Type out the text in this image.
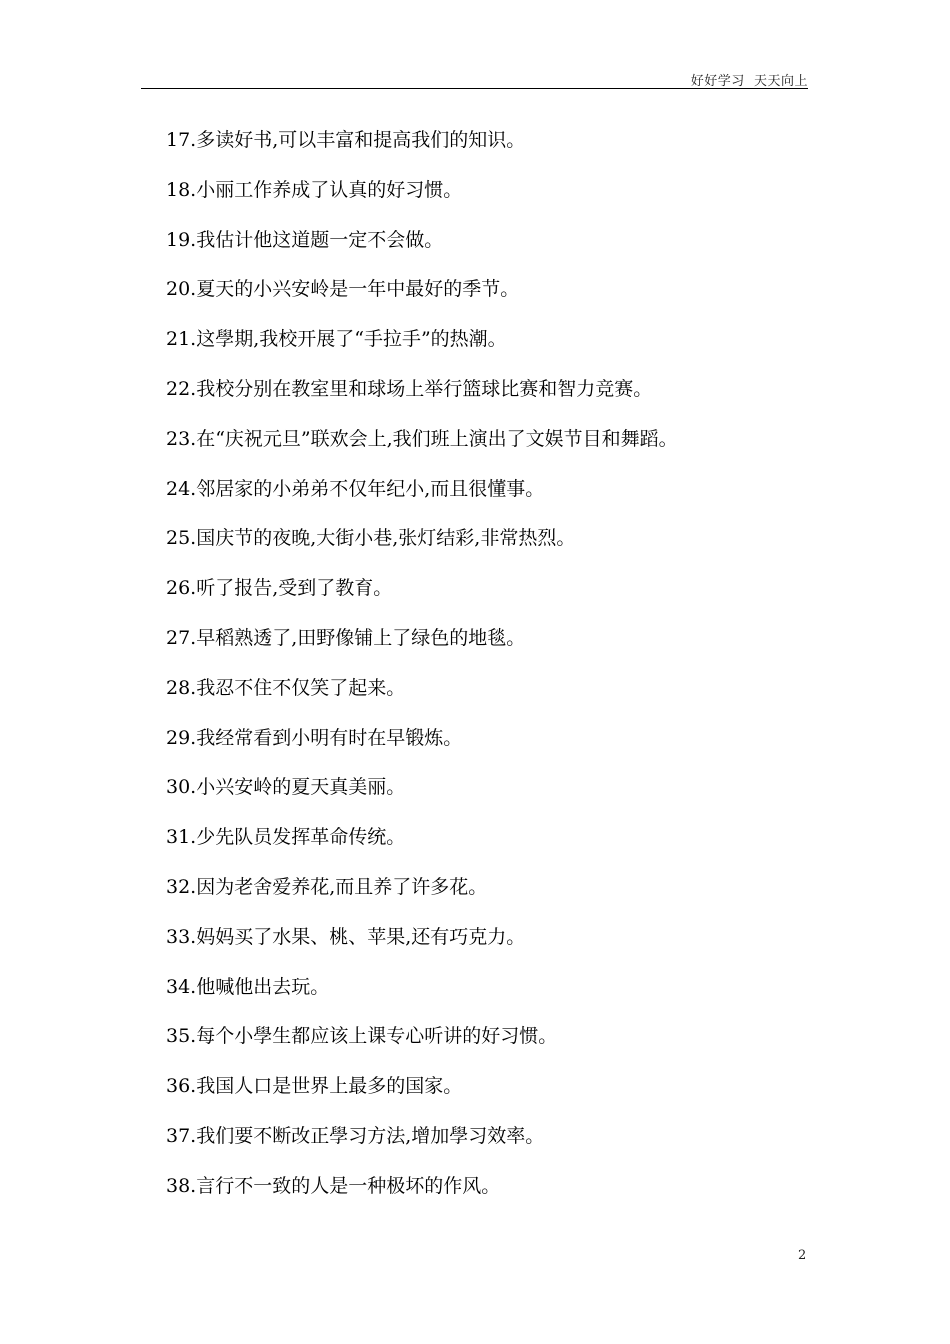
好好学习  天天向上
17.多读好书,可以丰富和提高我们的知识。
18.小丽工作养成了认真的好习惯。
19.我估计他这道题一定不会做。
20.夏天的小兴安岭是一年中最好的季节。
21.这學期,我校开展了“手拉手”的热潮。
22.我校分别在教室里和球场上举行篮球比赛和智力竞赛。
23.在“庆祝元旦”联欢会上,我们班上演出了文娱节目和舞蹈。
24.邻居家的小弟弟不仅年纪小,而且很懂事。
25.国庆节的夜晚,大街小巷,张灯结彩,非常热烈。
26.听了报告,受到了教育。
27.早稻熟透了,田野像铺上了绿色的地毯。
28.我忍不住不仅笑了起来。
29.我经常看到小明有时在早锻炼。
30.小兴安岭的夏天真美丽。
31.少先队员发挥革命传统。
32.因为老舍爱养花,而且养了许多花。
33.妈妈买了水果、桃、苹果,还有巧克力。
34.他喊他出去玩。
35.每个小學生都应该上课专心听讲的好习惯。
36.我国人口是世界上最多的国家。
37.我们要不断改正學习方法,增加學习效率。
38.言行不一致的人是一种极坏的作风。
2
